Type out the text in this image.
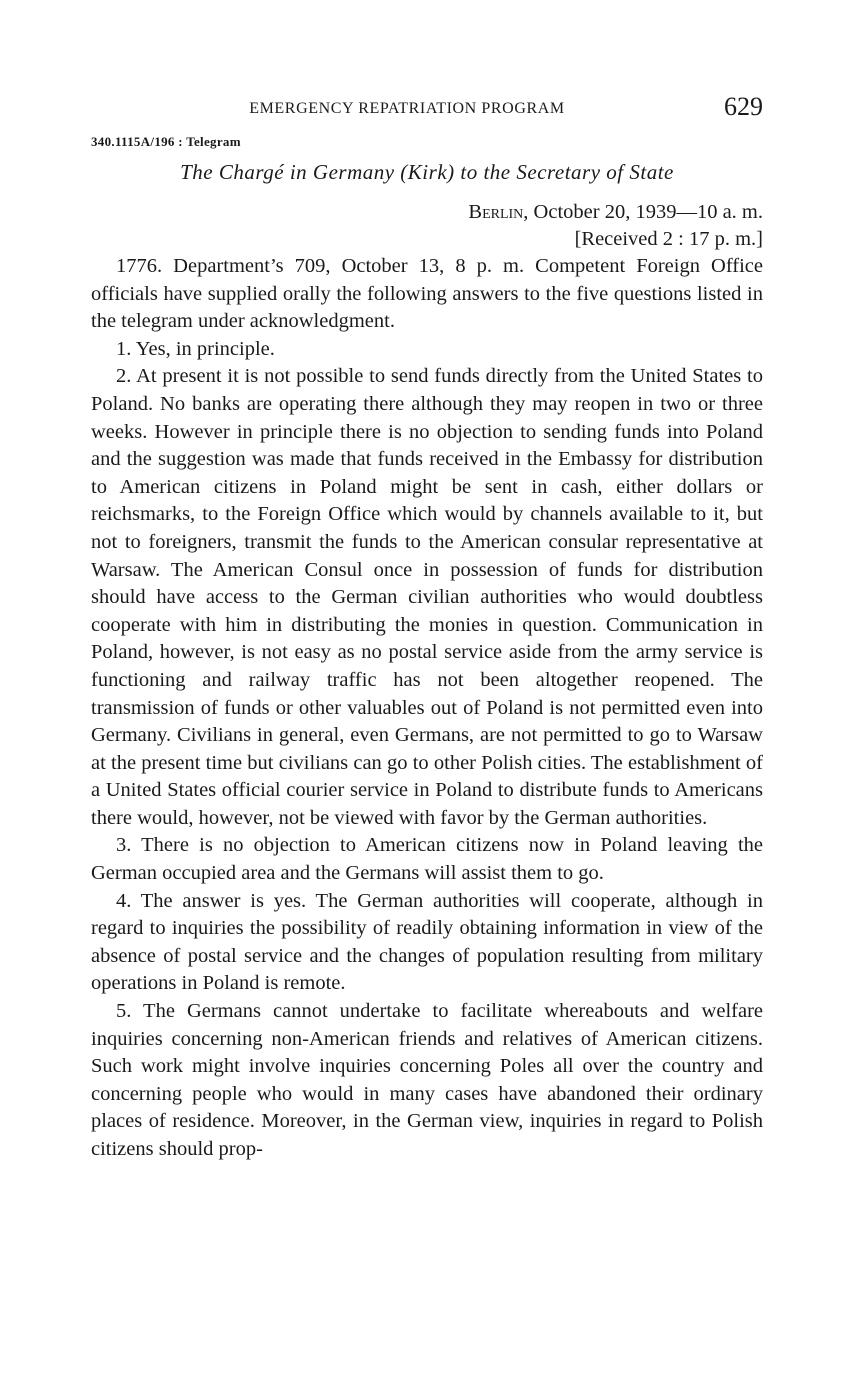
EMERGENCY REPATRIATION PROGRAM	629
340.1115A/196 : Telegram
The Chargé in Germany (Kirk) to the Secretary of State
Berlin, October 20, 1939—10 a. m.
[Received 2 : 17 p. m.]

1776. Department’s 709, October 13, 8 p. m. Competent Foreign Office officials have supplied orally the following answers to the five questions listed in the telegram under acknowledgment.

1. Yes, in principle.

2. At present it is not possible to send funds directly from the United States to Poland. No banks are operating there although they may reopen in two or three weeks. However in principle there is no objection to sending funds into Poland and the suggestion was made that funds received in the Embassy for distribution to American citizens in Poland might be sent in cash, either dollars or reichsmarks, to the Foreign Office which would by channels available to it, but not to foreigners, transmit the funds to the American consular representative at Warsaw. The American Consul once in possession of funds for distribution should have access to the German civilian authorities who would doubtless cooperate with him in distributing the monies in question. Communication in Poland, however, is not easy as no postal service aside from the army service is functioning and railway traffic has not been altogether reopened. The transmission of funds or other valuables out of Poland is not permitted even into Germany. Civilians in general, even Germans, are not permitted to go to Warsaw at the present time but civilians can go to other Polish cities. The establishment of a United States official courier service in Poland to distribute funds to Americans there would, however, not be viewed with favor by the German authorities.

3. There is no objection to American citizens now in Poland leaving the German occupied area and the Germans will assist them to go.

4. The answer is yes. The German authorities will cooperate, although in regard to inquiries the possibility of readily obtaining information in view of the absence of postal service and the changes of population resulting from military operations in Poland is remote.

5. The Germans cannot undertake to facilitate whereabouts and welfare inquiries concerning non-American friends and relatives of American citizens. Such work might involve inquiries concerning Poles all over the country and concerning people who would in many cases have abandoned their ordinary places of residence. Moreover, in the German view, inquiries in regard to Polish citizens should prop-
